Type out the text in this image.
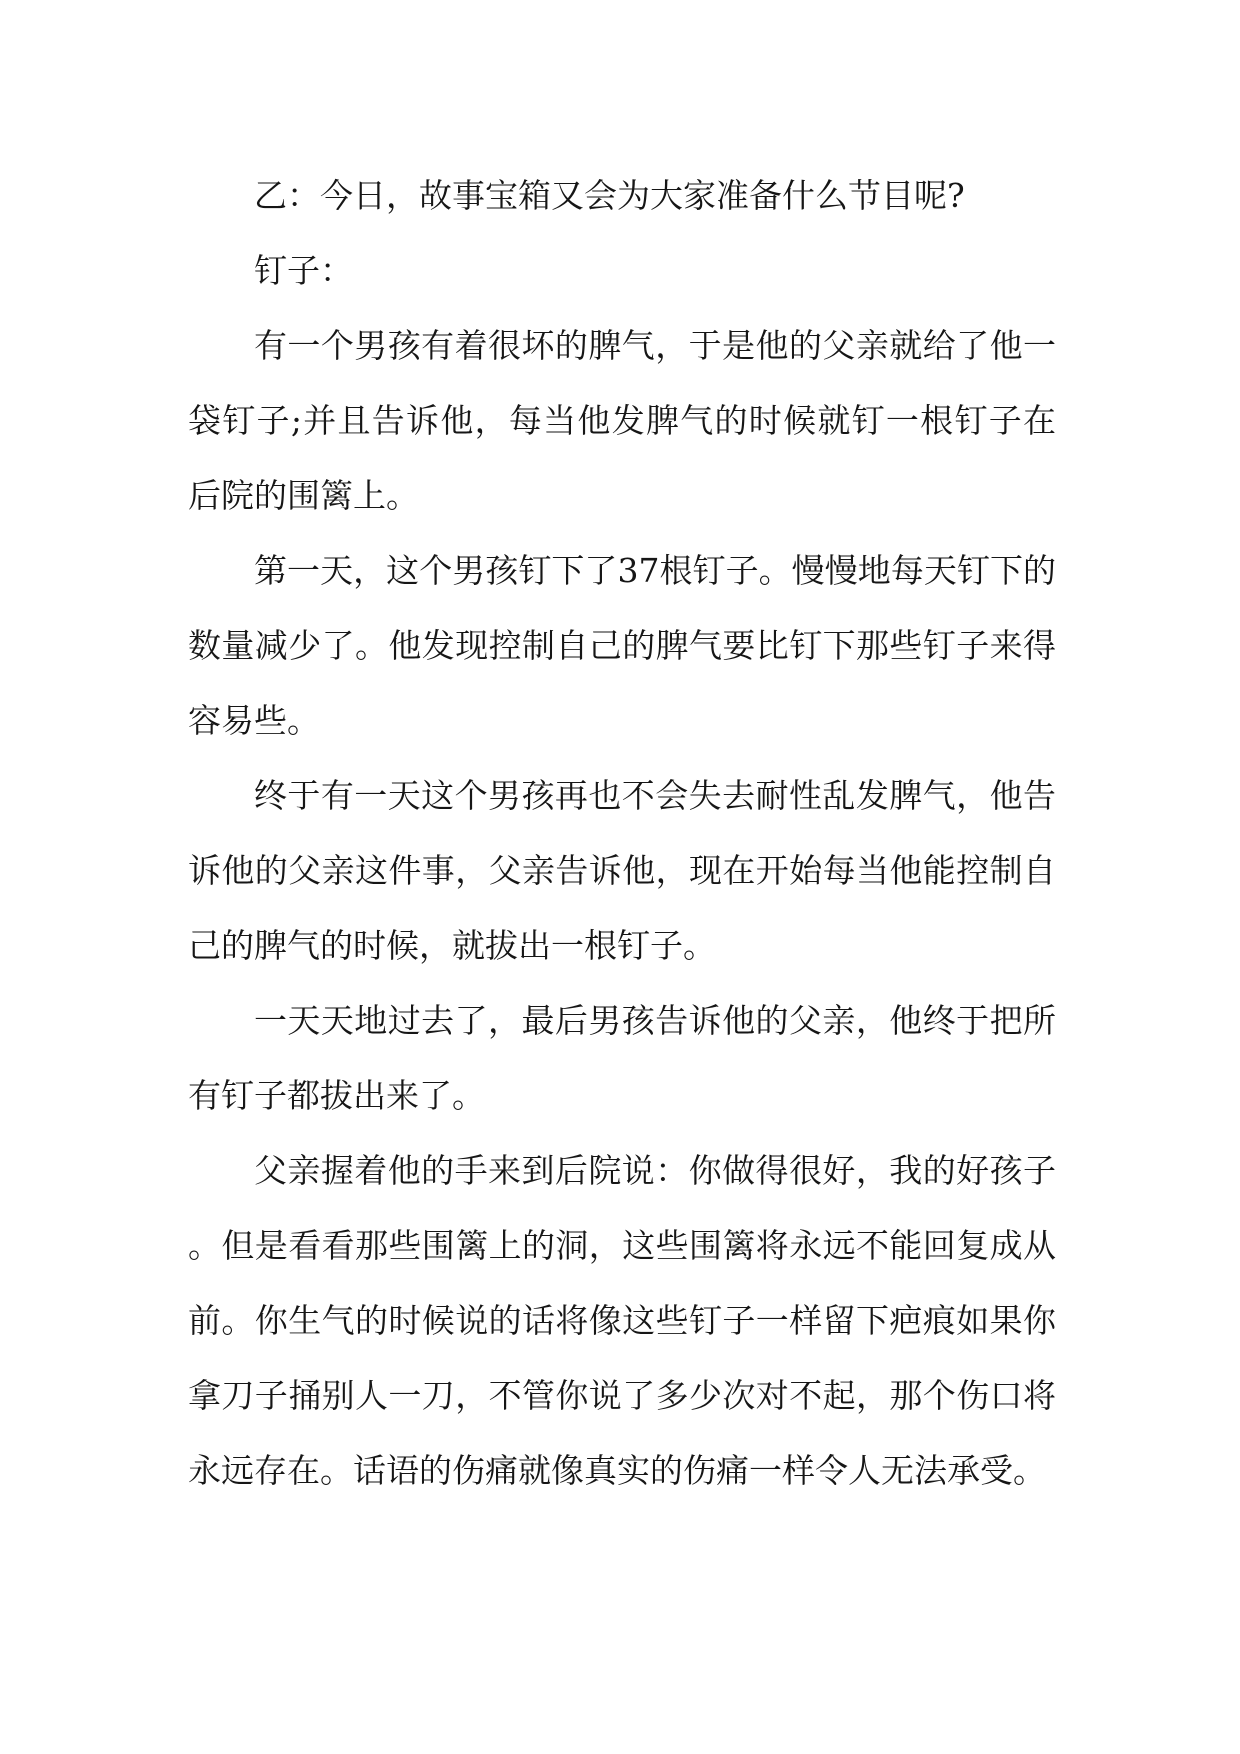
乙：今日，故事宝箱又会为大家准备什么节目呢?

钉子：

有一个男孩有着很坏的脾气，于是他的父亲就给了他一袋钉子;并且告诉他，每当他发脾气的时候就钉一根钉子在后院的围篱上。

第一天，这个男孩钉下了37根钉子。慢慢地每天钉下的数量减少了。他发现控制自己的脾气要比钉下那些钉子来得容易些。

终于有一天这个男孩再也不会失去耐性乱发脾气，他告诉他的父亲这件事，父亲告诉他，现在开始每当他能控制自己的脾气的时候，就拔出一根钉子。

一天天地过去了，最后男孩告诉他的父亲，他终于把所有钉子都拔出来了。

父亲握着他的手来到后院说：你做得很好，我的好孩子。但是看看那些围篱上的洞，这些围篱将永远不能回复成从前。你生气的时候说的话将像这些钉子一样留下疤痕如果你拿刀子捅别人一刀，不管你说了多少次对不起，那个伤口将永远存在。话语的伤痛就像真实的伤痛一样令人无法承受。
